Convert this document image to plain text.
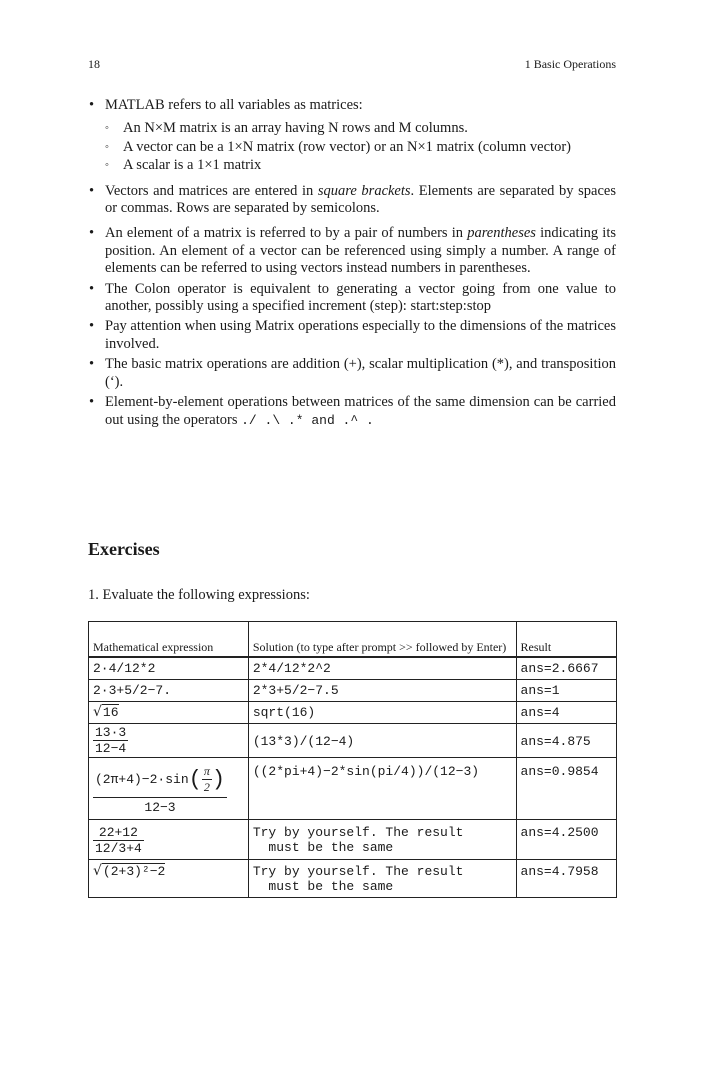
18	1 Basic Operations
• MATLAB refers to all variables as matrices:
◦ An N×M matrix is an array having N rows and M columns.
◦ A vector can be a 1×N matrix (row vector) or an N×1 matrix (column vector)
◦ A scalar is a 1×1 matrix
• Vectors and matrices are entered in square brackets. Elements are separated by spaces or commas. Rows are separated by semicolons.
• An element of a matrix is referred to by a pair of numbers in parentheses indicating its position. An element of a vector can be referenced using simply a number. A range of elements can be referred to using vectors instead numbers in parentheses.
• The Colon operator is equivalent to generating a vector going from one value to another, possibly using a specified increment (step): start:step:stop
• Pay attention when using Matrix operations especially to the dimensions of the matrices involved.
• The basic matrix operations are addition (+), scalar multiplication (*), and transposition (‘).
• Element-by-element operations between matrices of the same dimension can be carried out using the operators ./ .\ .* and .^ .
Exercises
1. Evaluate the following expressions:
Mathematical expression	Solution (to type after prompt >> followed by Enter)	Result
2·4/12*2	2*4/12*2^2	ans=2.6667
2·3+5/2−7.	2*3+5/2−7.5	ans=1
√16	sqrt(16)	ans=4

$\frac{13\cdot 3}{12-4}$	(13*3)/(12−4)	ans=4.875

$\frac{(2\pi+4)-2\cdot\sin( \frac{\pi}{2} )}{12-3}$	((2*pi+4)−2*sin(pi/4))/(12−3)	ans=0.9854

$\frac{22+12}{12/3+4}$	Try by yourself. The result
must be the same	ans=4.2500
√(2+3)²−2	Try by yourself. The result
must be the same	ans=4.7958
